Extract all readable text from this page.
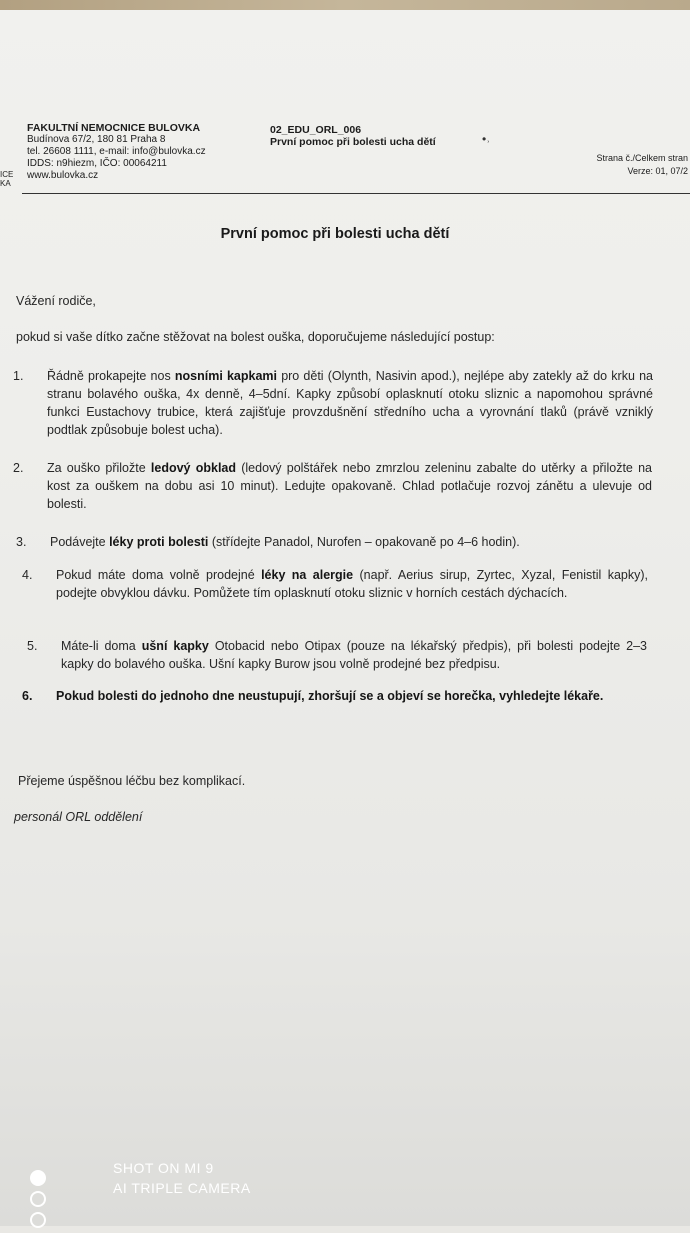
ICE
KA
FAKULTNÍ NEMOCNICE BULOVKA
Budínova 67/2, 180 81 Praha 8
tel. 26608 1111, e-mail: info@bulovka.cz
IDDS: n9hiezm, IČO: 00064211
www.bulovka.cz
02_EDU_ORL_006
První pomoc při bolesti ucha dětí	•˒
Strana č./Celkem stran
Verze: 01, 07/2
První pomoc při bolesti ucha dětí
Vážení rodiče,
pokud si vaše dítko začne stěžovat na bolest ouška, doporučujeme následující postup:
1. Řádně prokapejte nos nosními kapkami pro děti (Olynth, Nasivin apod.), nejlépe aby zatekly až do krku na stranu bolavého ouška, 4x denně, 4–5dní. Kapky způsobí oplasknutí otoku sliznic a napomohou správné funkci Eustachovy trubice, která zajišťuje provzdušnění středního ucha a vyrovnání tlaků (právě vzniklý podtlak způsobuje bolest ucha).
2. Za ouško přiložte ledový obklad (ledový polštářek nebo zmrzlou zeleninu zabalte do utěrky a přiložte na kost za ouškem na dobu asi 10 minut). Ledujte opakovaně. Chlad potlačuje rozvoj zánětu a ulevuje od bolesti.
3. Podávejte léky proti bolesti (střídejte Panadol, Nurofen – opakovaně po 4–6 hodin).
4. Pokud máte doma volně prodejné léky na alergie (např. Aerius sirup, Zyrtec, Xyzal, Fenistil kapky), podejte obvyklou dávku. Pomůžete tím oplasknutí otoku sliznic v horních cestách dýchacích.
5. Máte-li doma ušní kapky Otobacid nebo Otipax (pouze na lékařský předpis), při bolesti podejte 2–3 kapky do bolavého ouška. Ušní kapky Burow jsou volně prodejné bez předpisu.
6. Pokud bolesti do jednoho dne neustupují, zhoršují se a objeví se horečka, vyhledejte lékaře.
Přejeme úspěšnou léčbu bez komplikací.
personál ORL oddělení
SHOT ON MI 9
AI TRIPLE CAMERA
